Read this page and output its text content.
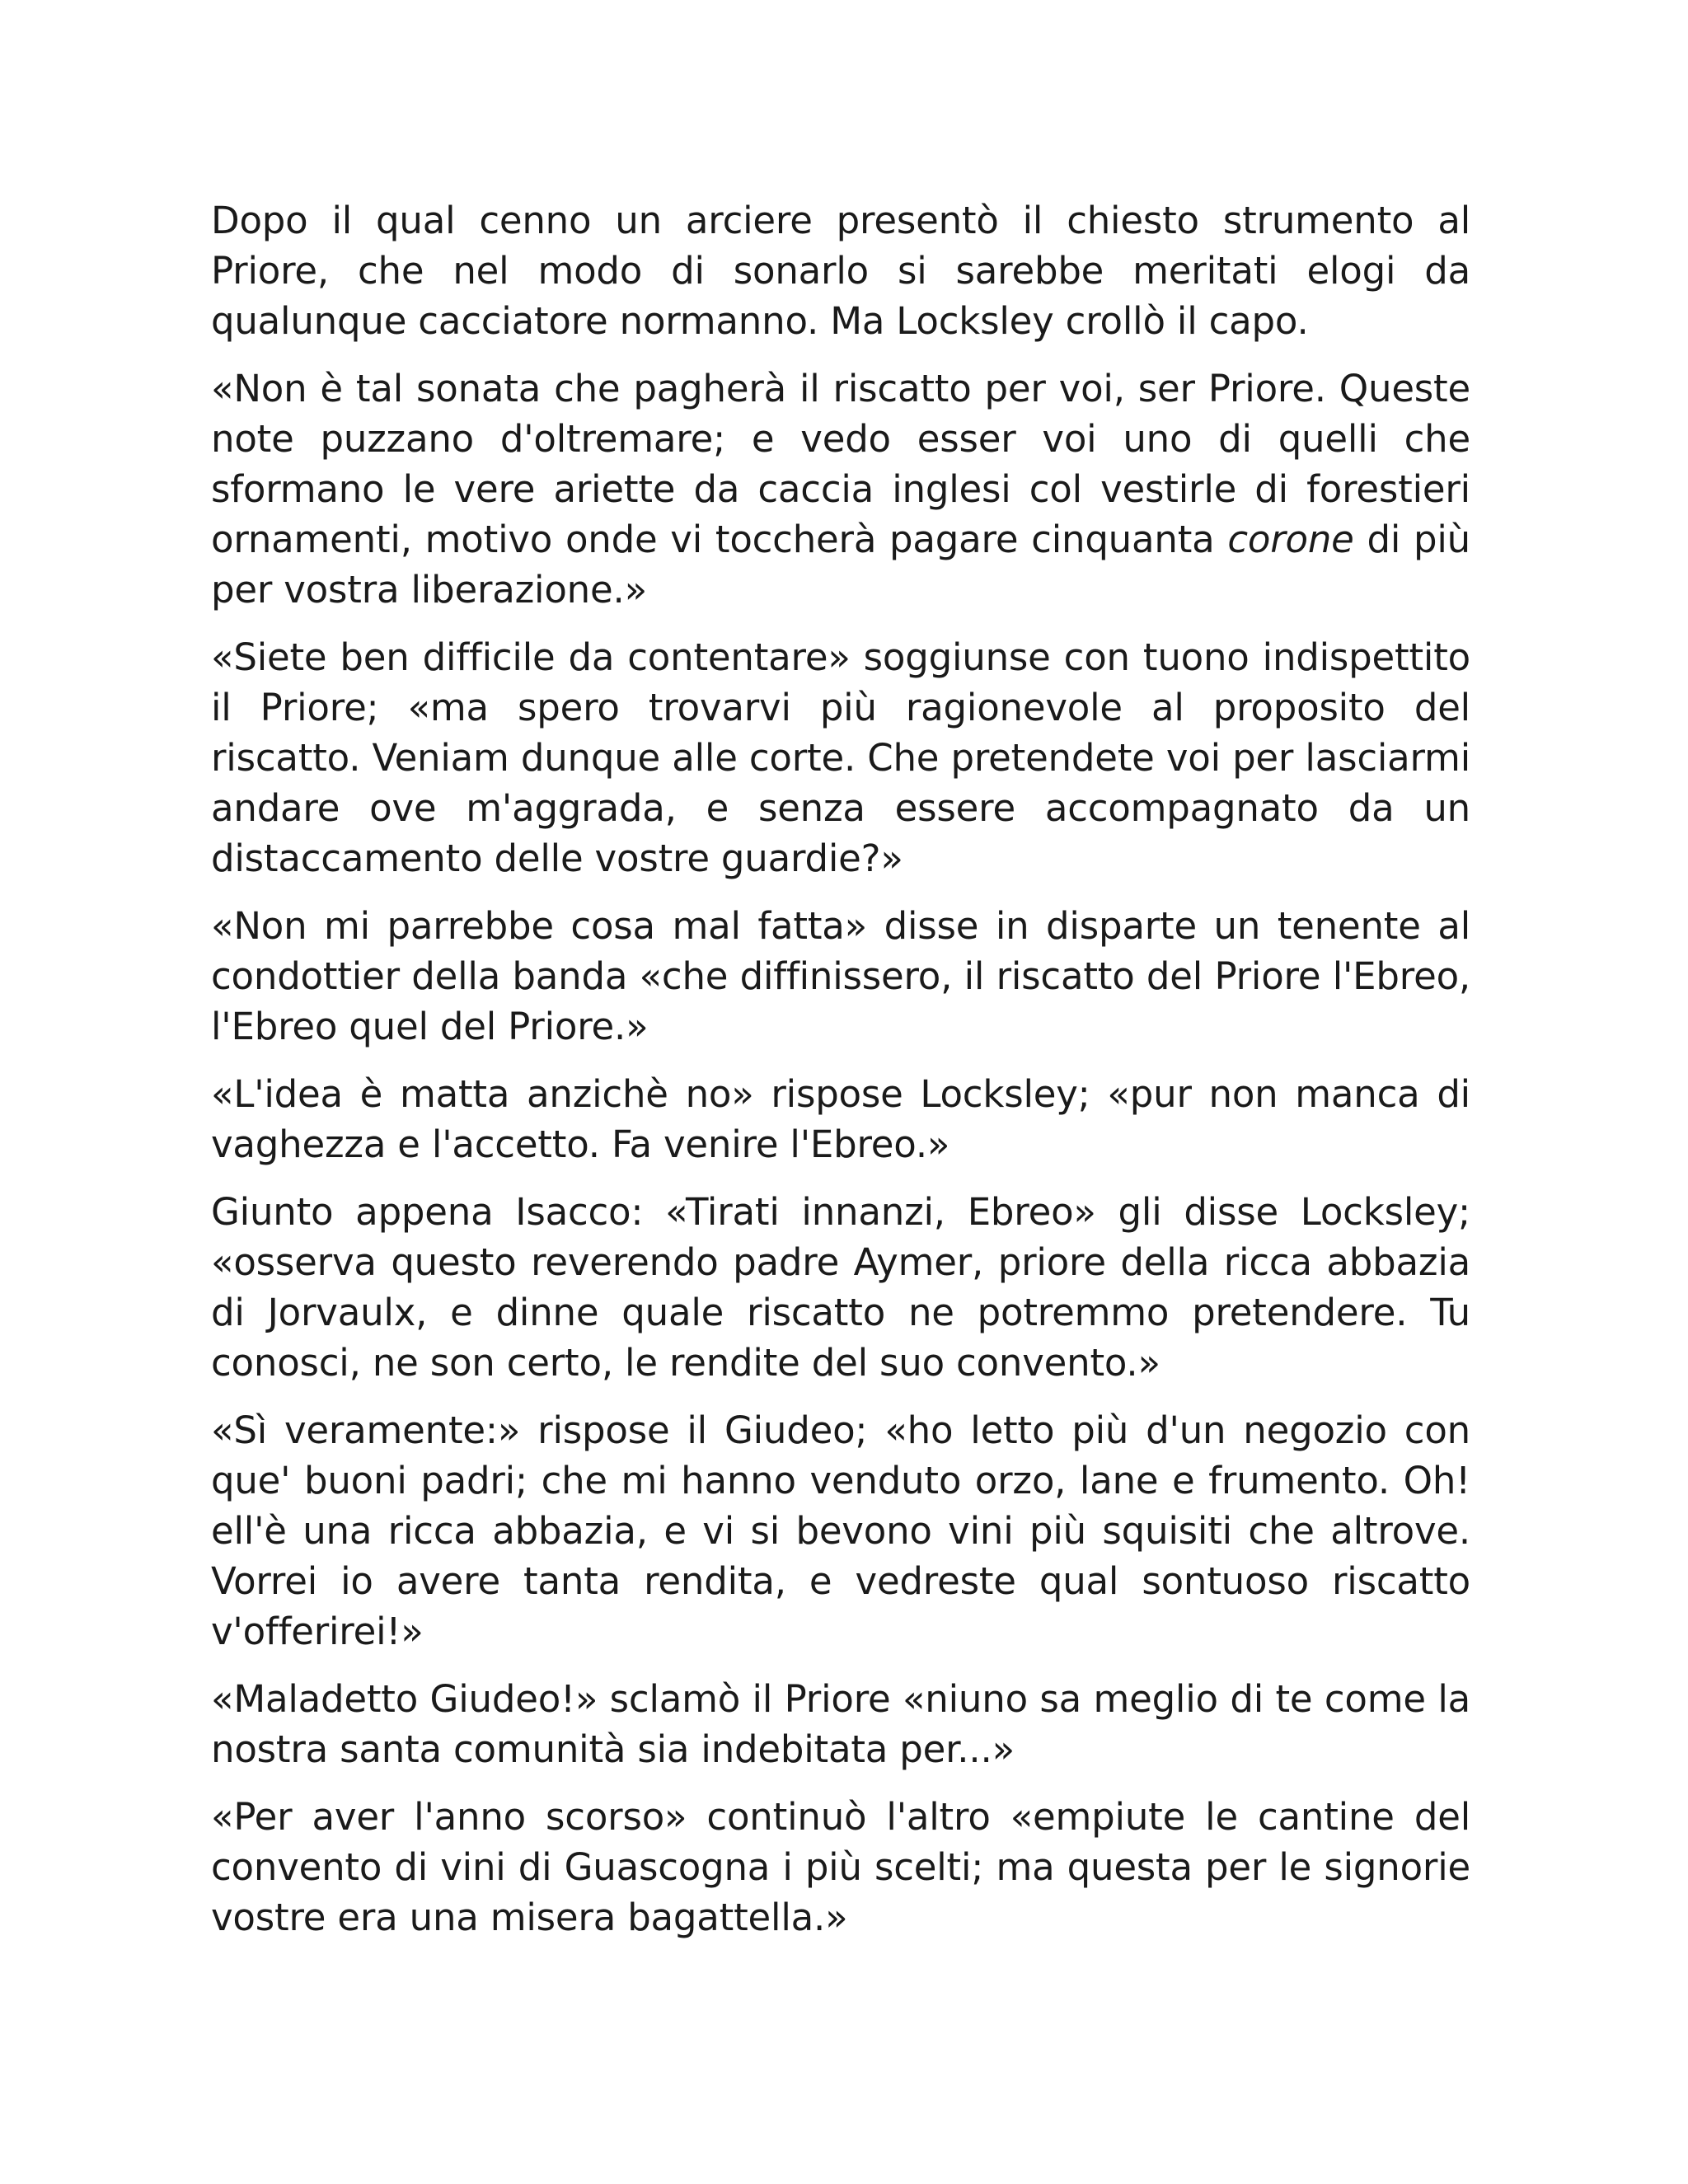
Dopo il qual cenno un arciere presentò il chiesto strumento al Priore, che nel modo di sonarlo si sarebbe meritati elogi da qualunque cacciatore normanno. Ma Locksley crollò il capo.

«Non è tal sonata che pagherà il riscatto per voi, ser Priore. Queste note puzzano d'oltremare; e vedo esser voi uno di quelli che sformano le vere ariette da caccia inglesi col vestirle di forestieri ornamenti, motivo onde vi toccherà pagare cinquanta corone di più per vostra liberazione.»

«Siete ben difficile da contentare» soggiunse con tuono indispettito il Priore; «ma spero trovarvi più ragionevole al proposito del riscatto. Veniam dunque alle corte. Che pretendete voi per lasciarmi andare ove m'aggrada, e senza essere accompagnato da un distaccamento delle vostre guardie?»

«Non mi parrebbe cosa mal fatta» disse in disparte un tenente al condottier della banda «che diffinissero, il riscatto del Priore l'Ebreo, l'Ebreo quel del Priore.»

«L'idea è matta anzichè no» rispose Locksley; «pur non manca di vaghezza e l'accetto. Fa venire l'Ebreo.»

Giunto appena Isacco: «Tirati innanzi, Ebreo» gli disse Locksley; «osserva questo reverendo padre Aymer, priore della ricca abbazia di Jorvaulx, e dinne quale riscatto ne potremmo pretendere. Tu conosci, ne son certo, le rendite del suo convento.»

«Sì veramente:» rispose il Giudeo; «ho letto più d'un negozio con que' buoni padri; che mi hanno venduto orzo, lane e frumento. Oh! ell'è una ricca abbazia, e vi si bevono vini più squisiti che altrove. Vorrei io avere tanta rendita, e vedreste qual sontuoso riscatto v'offerirei!»

«Maladetto Giudeo!» sclamò il Priore «niuno sa meglio di te come la nostra santa comunità sia indebitata per...»

«Per aver l'anno scorso» continuò l'altro «empiute le cantine del convento di vini di Guascogna i più scelti; ma questa per le signorie vostre era una misera bagattella.»
